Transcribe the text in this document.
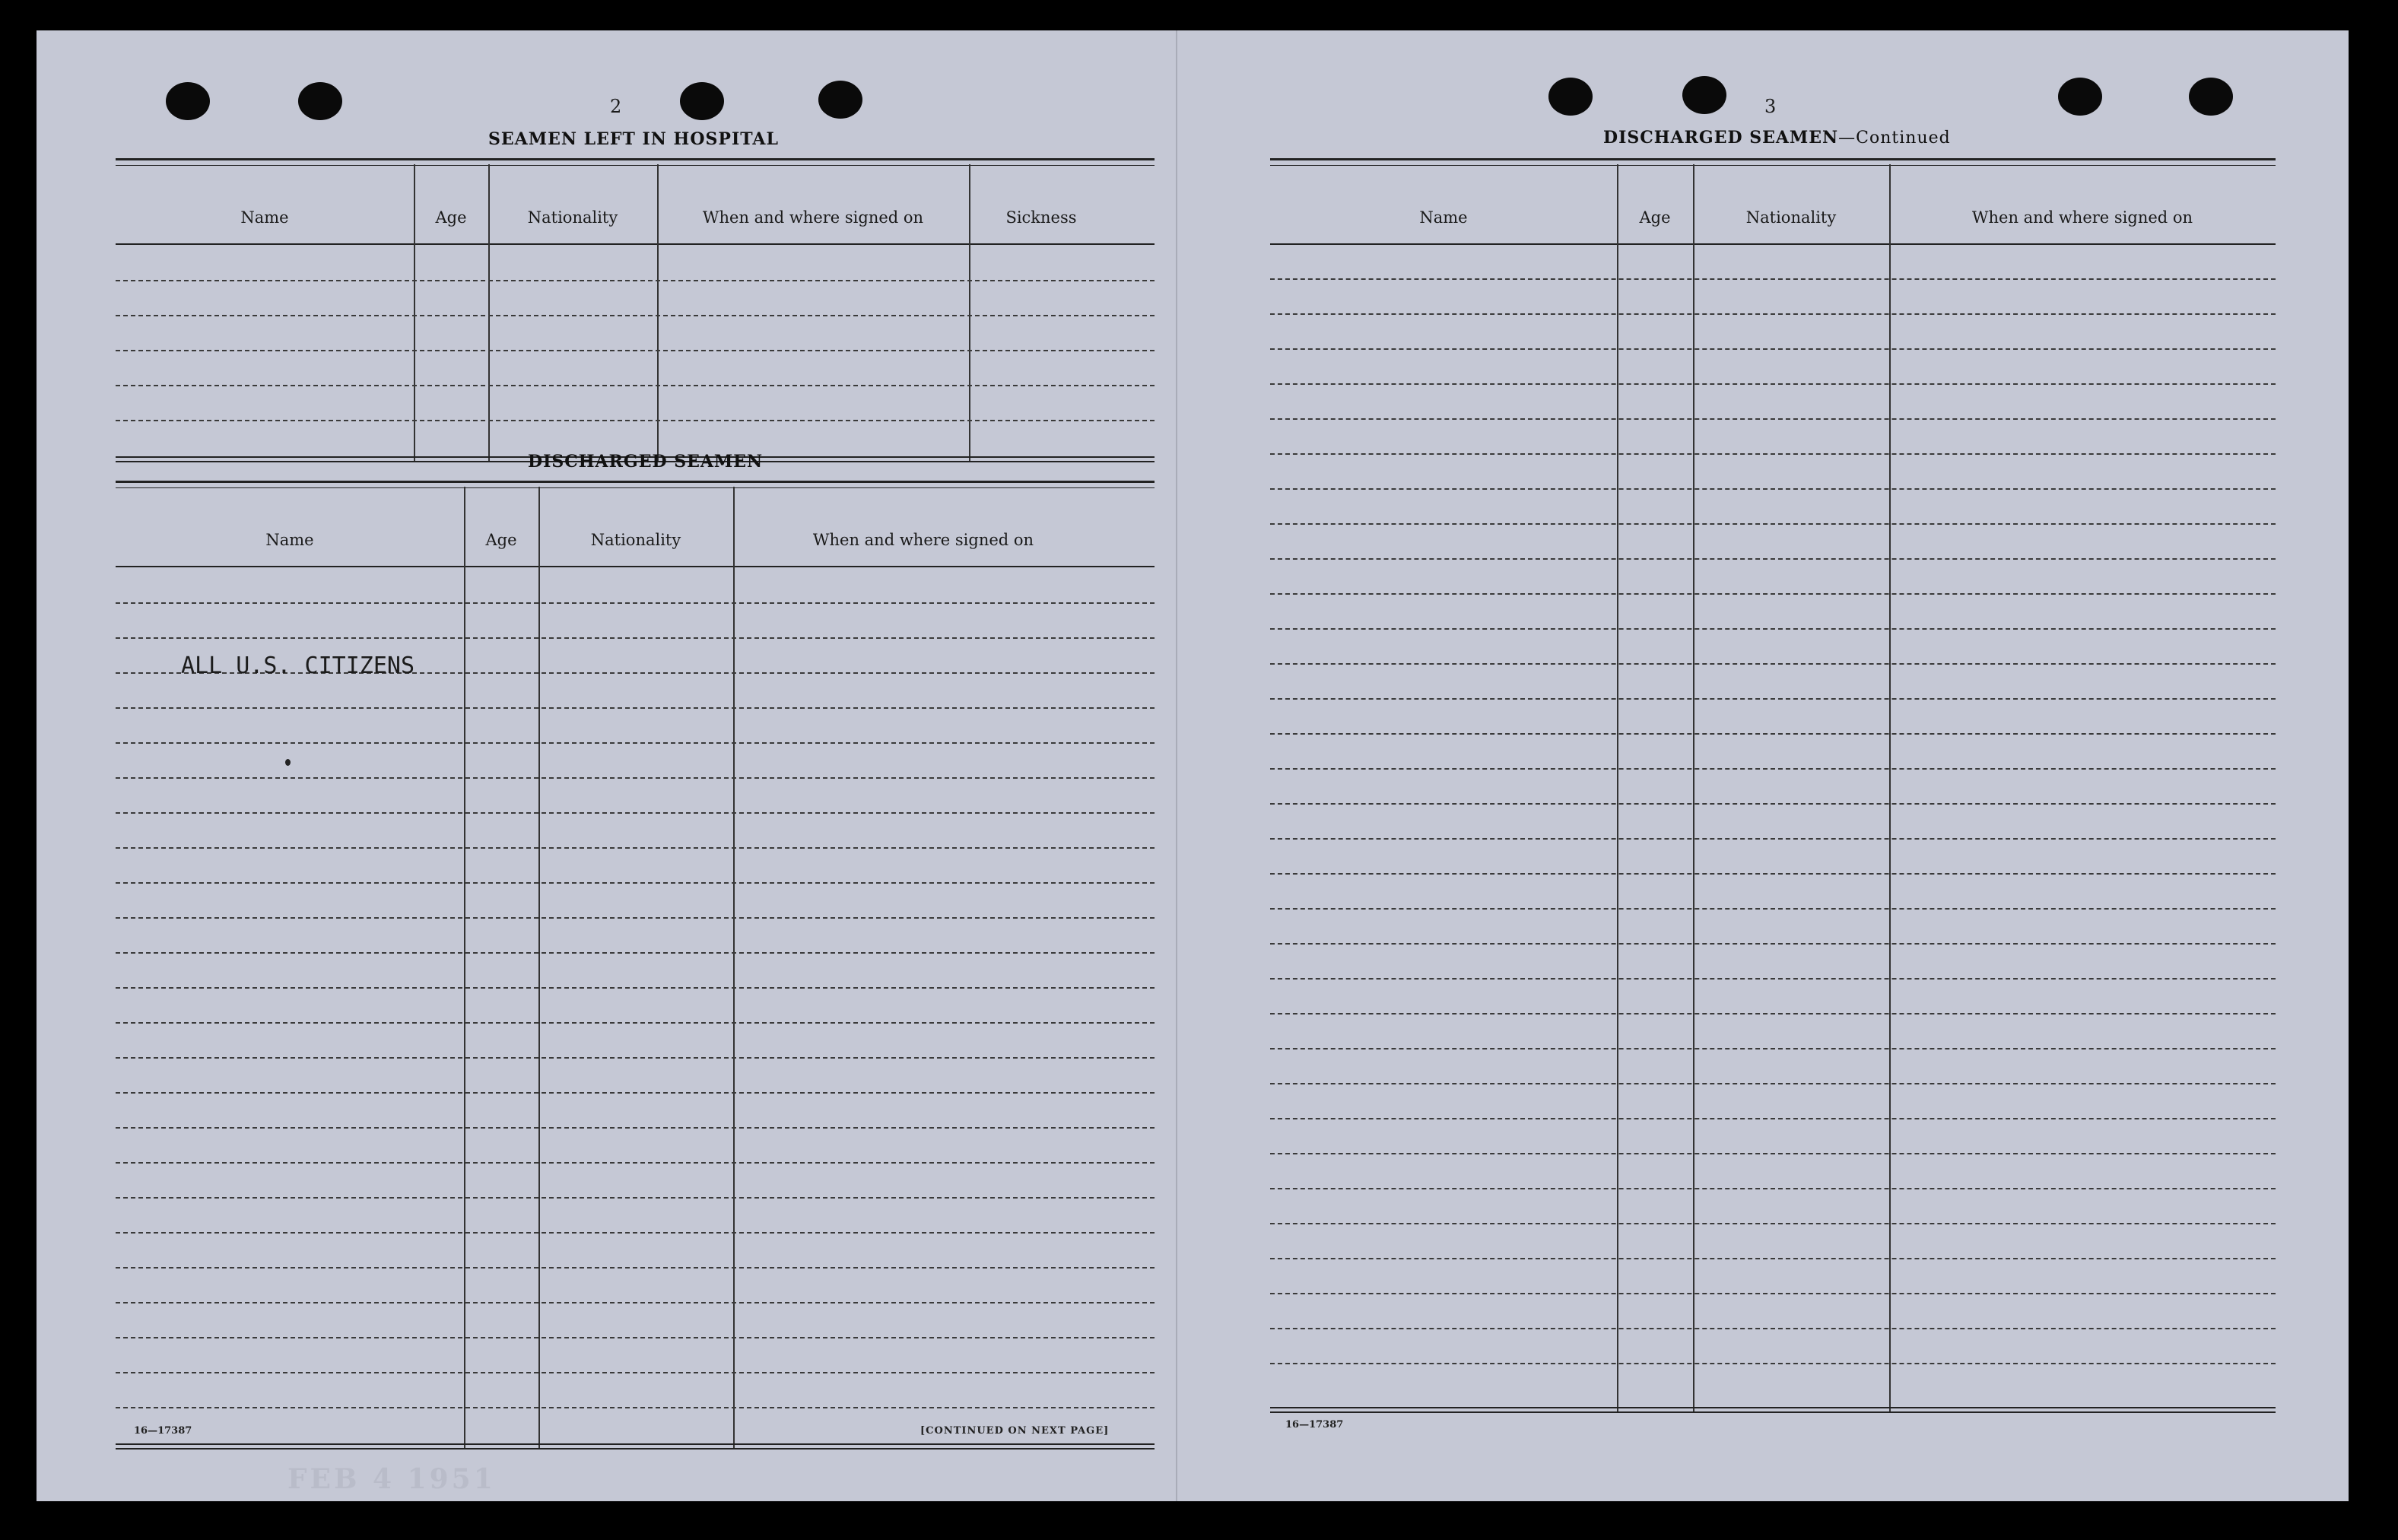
2
SEAMEN LEFT IN HOSPITAL
Name	Age	Nationality	When and where signed on	Sickness
DISCHARGED SEAMEN
Name	Age	Nationality	When and where signed on
ALL U.S. CITIZENS
16—17387	[CONTINUED ON NEXT PAGE]
FEB 4 1951
3
DISCHARGED SEAMEN—Continued
Name	Age	Nationality	When and where signed on
16—17387
